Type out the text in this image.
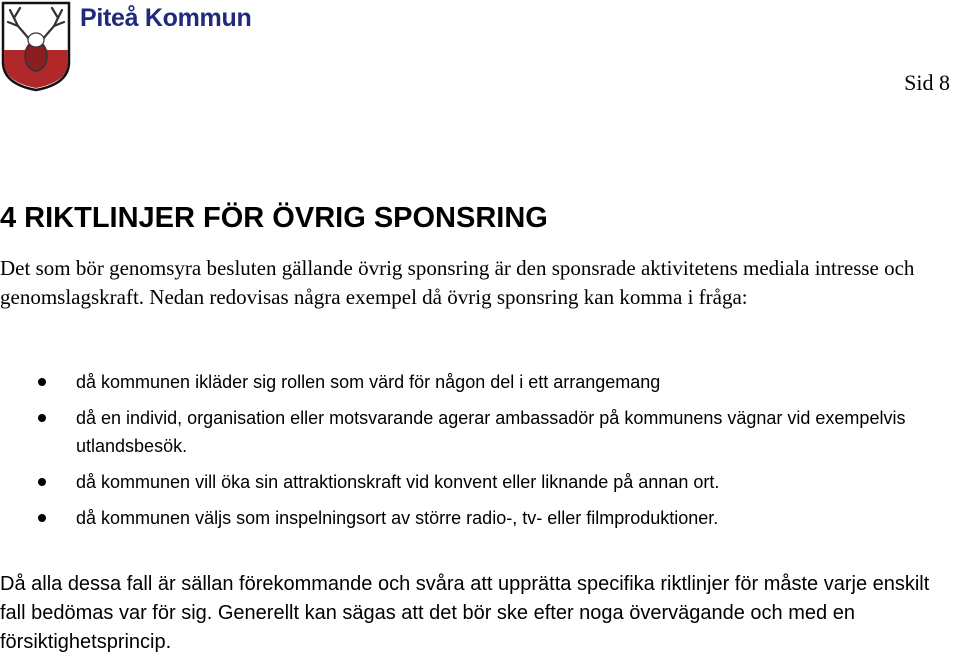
Piteå Kommun
Sid 8
4 RIKTLINJER FÖR ÖVRIG SPONSRING

Det som bör genomsyra besluten gällande övrig sponsring är den sponsrade aktivitetens mediala intresse och genomslagskraft. Nedan redovisas några exempel då övrig sponsring kan komma i fråga:

då kommunen ikläder sig rollen som värd för någon del i ett arrangemang
då en individ, organisation eller motsvarande agerar ambassadör på kommunens vägnar vid exempelvis utlandsbesök.
då kommunen vill öka sin attraktionskraft vid konvent eller liknande på annan ort.
då kommunen väljs som inspelningsort av större radio-, tv- eller filmproduktioner.

Då alla dessa fall är sällan förekommande och svåra att upprätta specifika riktlinjer för måste varje enskilt fall bedömas var för sig. Generellt kan sägas att det bör ske efter noga övervägande och med en försiktighetsprincip.
